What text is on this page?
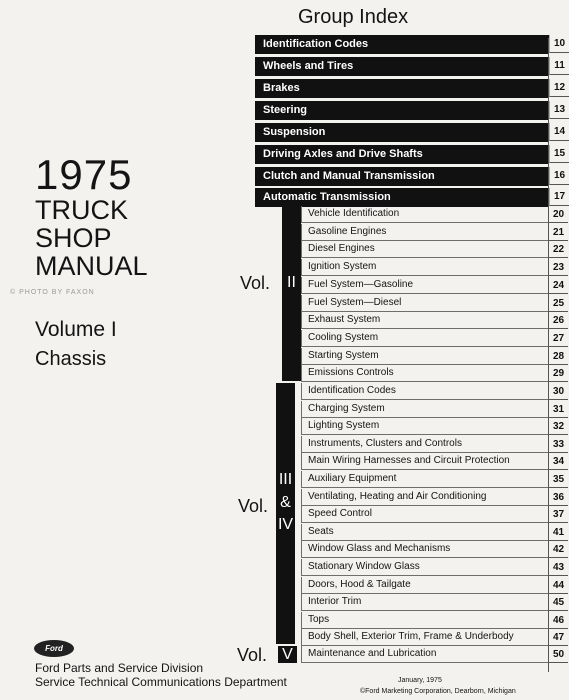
Group Index
1975
TRUCK
SHOP
MANUAL
© PHOTO BY FAXON
Volume I
Chassis
Identification Codes	10
Wheels and Tires	11
Brakes	12
Steering	13
Suspension	14
Driving Axles and Drive Shafts	15
Clutch and Manual Transmission	16
Automatic Transmission	17
II
Vol.
III
&
IV
Vol.
V
Vol.
Vehicle Identification	20
Gasoline Engines	21
Diesel Engines	22
Ignition System	23
Fuel System—Gasoline	24
Fuel System—Diesel	25
Exhaust System	26
Cooling System	27
Starting System	28
Emissions Controls	29
Identification Codes	30
Charging System	31
Lighting System	32
Instruments, Clusters and Controls	33
Main Wiring Harnesses and Circuit Protection	34
Auxiliary Equipment	35
Ventilating, Heating and Air Conditioning	36
Speed Control	37
Seats	41
Window Glass and Mechanisms	42
Stationary Window Glass	43
Doors, Hood & Tailgate	44
Interior Trim	45
Tops	46
Body Shell, Exterior Trim, Frame & Underbody	47
Maintenance and Lubrication	50
Ford
Ford Parts and Service Division
Service Technical Communications Department	January, 1975
©Ford Marketing Corporation, Dearborn, Michigan
